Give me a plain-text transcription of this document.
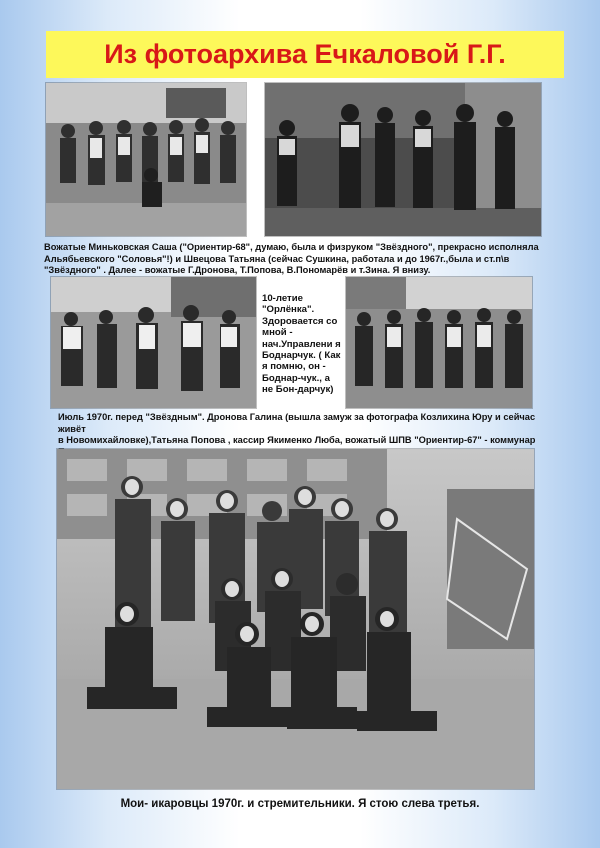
Из фотоархива Ечкаловой Г.Г.
Вожатые Миньковская Саша ("Ориентир-68", думаю, была и физруком "Звёздного", прекрасно исполняла
Альябьевского "Соловья"!) и Швецова Татьяна (сейчас Сушкина, работала и до 1967г.,была и ст.п\в
"Звёздного" . Далее - вожатые Г.Дронова, Т.Попова, В.Пономарёв и т.Зина. Я внизу.
10-летие "Орлёнка". Здоровается со мной - нач.Управлени я Боднарчук. ( Как я помню, он - Боднар-чук., а не Бон-дарчук)
Июль 1970г. перед "Звёздным". Дронова Галина (вышла замуж за фотографа Козлихина Юру и сейчас живёт
в Новомихайловке),Татьяна Попова , кассир Якименко Люба, вожатый ШПВ "Ориентир-67" - коммунар
Мои- икаровцы 1970г. и стремительники. Я стою слева третья.
